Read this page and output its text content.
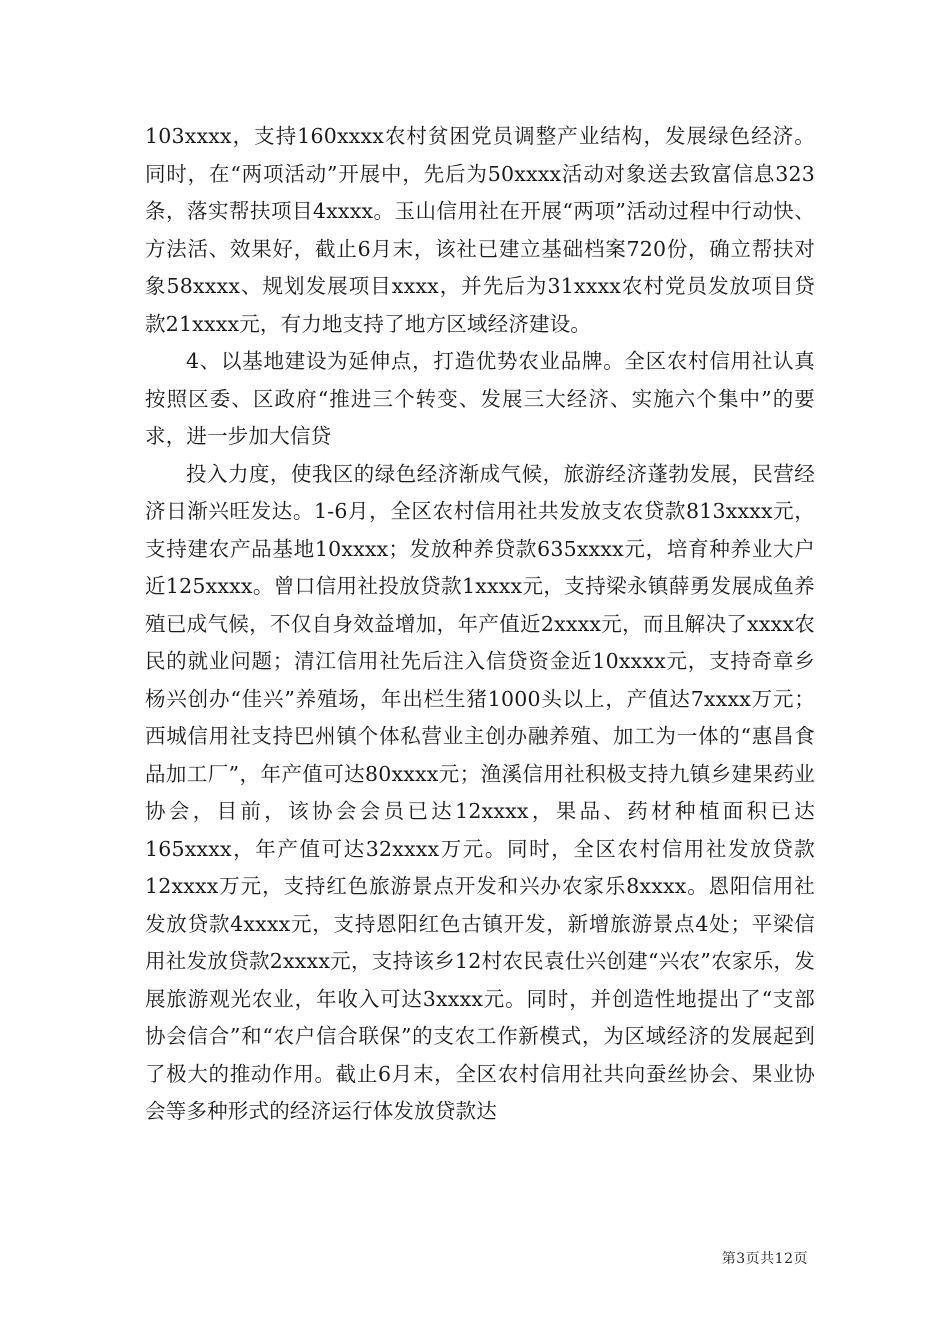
103xxxx，支持160xxxx农村贫困党员调整产业结构，发展绿色经济。同时，在“两项活动”开展中，先后为50xxxx活动对象送去致富信息323条，落实帮扶项目4xxxx。玉山信用社在开展“两项”活动过程中行动快、方法活、效果好，截止6月末，该社已建立基础档案720份，确立帮扶对象58xxxx、规划发展项目xxxx，并先后为31xxxx农村党员发放项目贷款21xxxx元，有力地支持了地方区域经济建设。

4、以基地建设为延伸点，打造优势农业品牌。全区农村信用社认真按照区委、区政府“推进三个转变、发展三大经济、实施六个集中”的要求，进一步加大信贷

投入力度，使我区的绿色经济渐成气候，旅游经济蓬勃发展，民营经济日渐兴旺发达。1-6月，全区农村信用社共发放支农贷款813xxxx元，支持建农产品基地10xxxx；发放种养贷款635xxxx元，培育种养业大户近125xxxx。曾口信用社投放贷款1xxxx元，支持梁永镇薛勇发展成鱼养殖已成气候，不仅自身效益增加，年产值近2xxxx元，而且解决了xxxx农民的就业问题；清江信用社先后注入信贷资金近10xxxx元，支持奇章乡杨兴创办“佳兴”养殖场，年出栏生猪1000头以上，产值达7xxxx万元；西城信用社支持巴州镇个体私营业主创办融养殖、加工为一体的“惠昌食品加工厂”，年产值可达80xxxx元；渔溪信用社积极支持九镇乡建果药业协会，目前，该协会会员已达12xxxx，果品、药材种植面积已达165xxxx，年产值可达32xxxx万元。同时，全区农村信用社发放贷款12xxxx万元，支持红色旅游景点开发和兴办农家乐8xxxx。恩阳信用社发放贷款4xxxx元，支持恩阳红色古镇开发，新增旅游景点4处；平梁信用社发放贷款2xxxx元，支持该乡12村农民袁仕兴创建“兴农”农家乐，发展旅游观光农业，年收入可达3xxxx元。同时，并创造性地提出了“支部协会信合”和“农户信合联保”的支农工作新模式，为区域经济的发展起到了极大的推动作用。截止6月末，全区农村信用社共向蚕丝协会、果业协会等多种形式的经济运行体发放贷款达

第3页共12页
